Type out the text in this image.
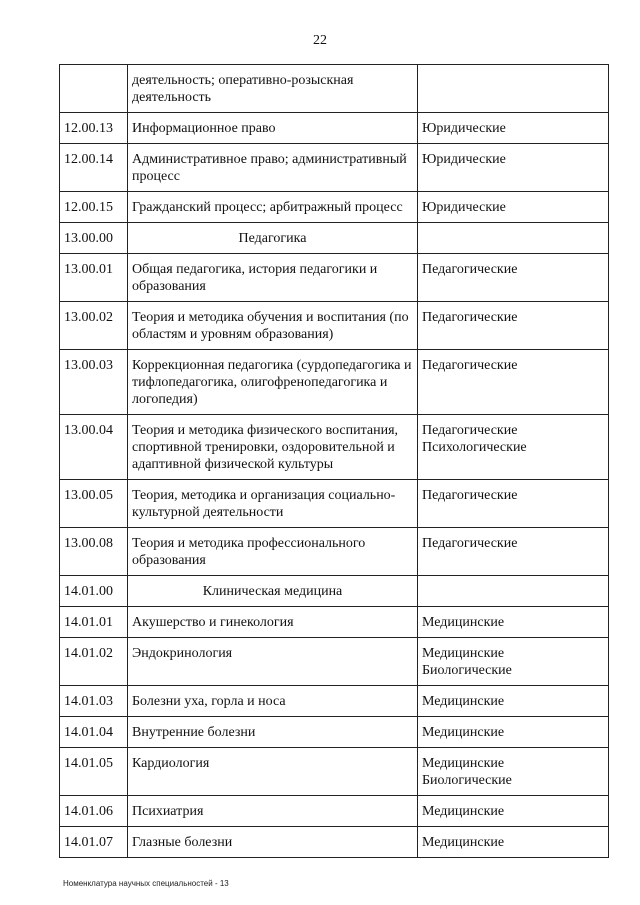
22
	деятельность; оперативно-розыскная деятельность	
12.00.13	Информационное право	Юридические

12.00.14	Административное право; административный процесс	Юридические

12.00.15	Гражданский процесс; арбитражный процесс	Юридические

13.00.00	Педагогика	
13.00.01	Общая педагогика, история педагогики и образования	Педагогические

13.00.02	Теория и методика обучения и воспитания (по областям и уровням образования)	Педагогические

13.00.03	Коррекционная педагогика (сурдопедагогика и тифлопедагогика, олигофренопедагогика и логопедия)	Педагогические

13.00.04	Теория и методика физического воспитания, спортивной тренировки, оздоровительной и адаптивной физической культуры	Педагогические
Психологические

13.00.05	Теория, методика и организация социально-культурной деятельности	Педагогические

13.00.08	Теория и методика профессионального образования	Педагогические

14.01.00	Клиническая медицина	
14.01.01	Акушерство и гинекология	Медицинские

14.01.02	Эндокринология	Медицинские
Биологические

14.01.03	Болезни уха, горла и носа	Медицинские

14.01.04	Внутренние болезни	Медицинские

14.01.05	Кардиология	Медицинские
Биологические

14.01.06	Психиатрия	Медицинские

14.01.07	Глазные болезни	Медицинские
Номенклатура научных специальностей - 13
